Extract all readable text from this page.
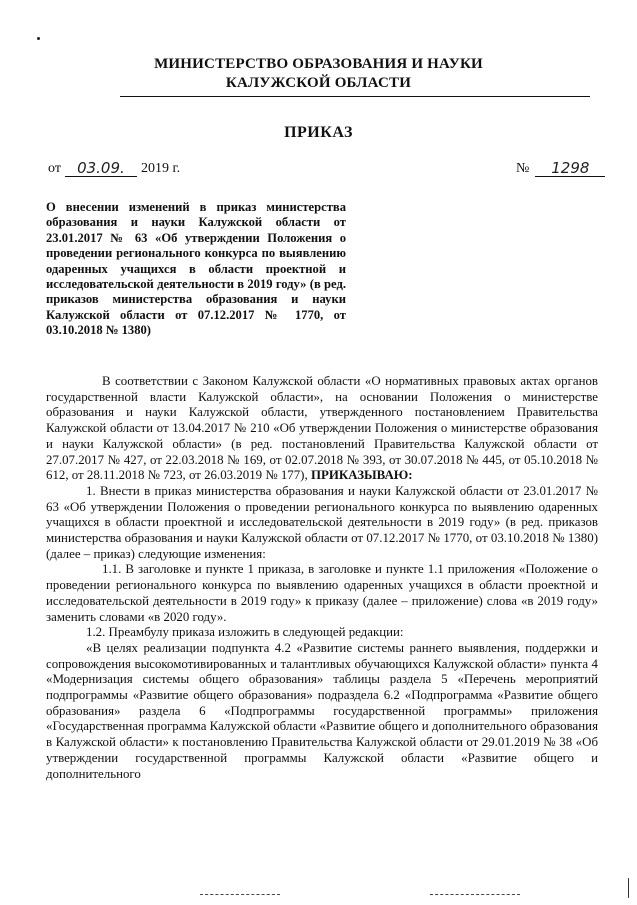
МИНИСТЕРСТВО ОБРАЗОВАНИЯ И НАУКИ
КАЛУЖСКОЙ ОБЛАСТИ
ПРИКАЗ
от	03.09.	2019 г.	№	1298

О внесении изменений в приказ министерства образования и науки Калужской области от 23.01.2017 № 63 «Об утверждении Положения о проведении регионального конкурса по выявлению одаренных учащихся в области проектной и исследовательской деятельности в 2019 году» (в ред. приказов министерства образования и науки Калужской области от 07.12.2017 № 1770, от 03.10.2018 № 1380)

В соответствии с Законом Калужской области «О нормативных правовых актах органов государственной власти Калужской области», на основании Положения о министерстве образования и науки Калужской области, утвержденного постановлением Правительства Калужской области от 13.04.2017 № 210 «Об утверждении Положения о министерстве образования и науки Калужской области» (в ред. постановлений Правительства Калужской области от 27.07.2017 № 427, от 22.03.2018 № 169, от 02.07.2018 № 393, от 30.07.2018 № 445, от 05.10.2018 № 612, от 28.11.2018 № 723, от 26.03.2019 № 177), ПРИКАЗЫВАЮ:

1. Внести в приказ министерства образования и науки Калужской области от 23.01.2017 № 63 «Об утверждении Положения о проведении регионального конкурса по выявлению одаренных учащихся в области проектной и исследовательской деятельности в 2019 году» (в ред. приказов министерства образования и науки Калужской области от 07.12.2017 № 1770, от 03.10.2018 № 1380) (далее – приказ) следующие изменения:

1.1. В заголовке и пункте 1 приказа, в заголовке и пункте 1.1 приложения «Положение о проведении регионального конкурса по выявлению одаренных учащихся в области проектной и исследовательской деятельности в 2019 году» к приказу (далее – приложение) слова «в 2019 году» заменить словами «в 2020 году».

1.2. Преамбулу приказа изложить в следующей редакции:

«В целях реализации подпункта 4.2 «Развитие системы раннего выявления, поддержки и сопровождения высокомотивированных и талантливых обучающихся Калужской области» пункта 4 «Модернизация системы общего образования» таблицы раздела 5 «Перечень мероприятий подпрограммы «Развитие общего образования» подраздела 6.2 «Подпрограмма «Развитие общего образования» раздела 6 «Подпрограммы государственной программы» приложения «Государственная программа Калужской области «Развитие общего и дополнительного образования в Калужской области» к постановлению Правительства Калужской области от 29.01.2019 № 38 «Об утверждении государственной программы Калужской области «Развитие общего и дополнительного
